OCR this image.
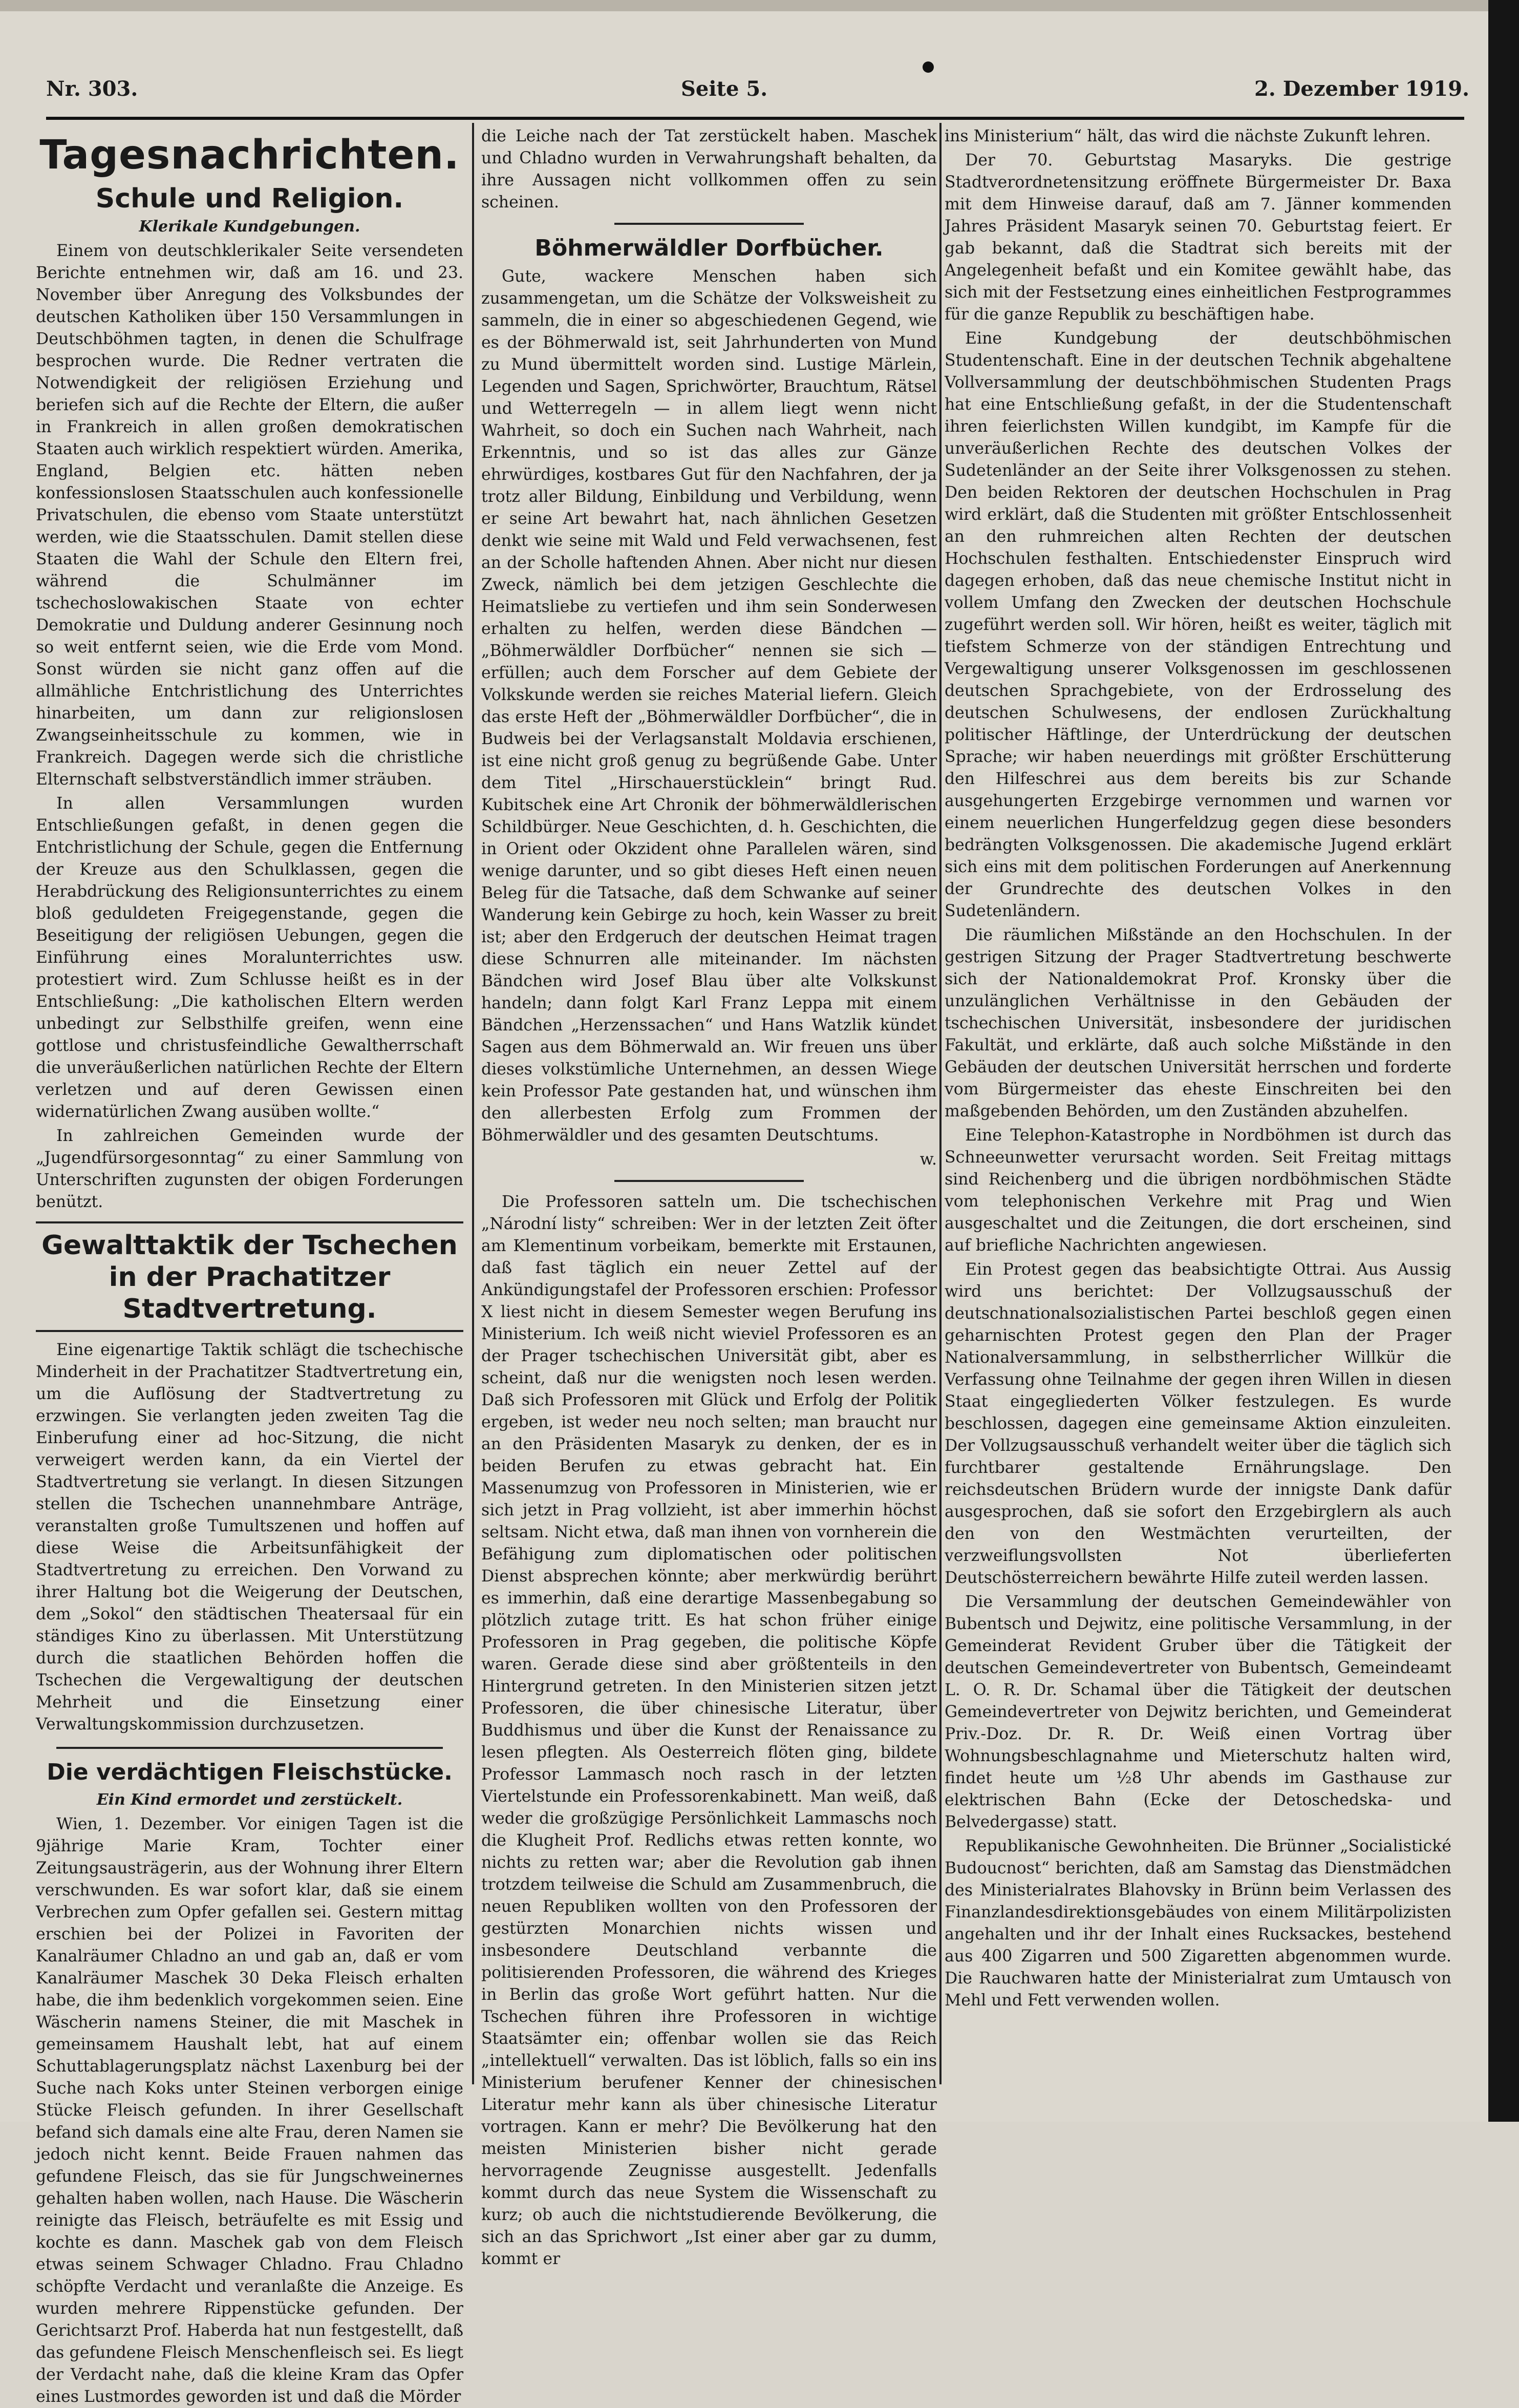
Nr. 303.	Seite 5.	2. Dezember 1919.
Tagesnachrichten.
Schule und Religion.
Klerikale Kundgebungen.

Einem von deutschklerikaler Seite versendeten Berichte entnehmen wir, daß am 16. und 23. November über Anregung des Volksbundes der deutschen Katholiken über 150 Versammlungen in Deutschböhmen tagten, in denen die Schulfrage besprochen wurde. Die Redner vertraten die Notwendigkeit der religiösen Erziehung und beriefen sich auf die Rechte der Eltern, die außer in Frankreich in allen großen demokratischen Staaten auch wirklich respektiert würden. Amerika, England, Belgien etc. hätten neben konfessionslosen Staatsschulen auch konfessionelle Privatschulen, die ebenso vom Staate unterstützt werden, wie die Staatsschulen. Damit stellen diese Staaten die Wahl der Schule den Eltern frei, während die Schulmänner im tschechoslowakischen Staate von echter Demokratie und Duldung anderer Gesinnung noch so weit entfernt seien, wie die Erde vom Mond. Sonst würden sie nicht ganz offen auf die allmähliche Entchristlichung des Unterrichtes hinarbeiten, um dann zur religionslosen Zwangseinheitsschule zu kommen, wie in Frankreich. Dagegen werde sich die christliche Elternschaft selbstverständlich immer sträuben.

In allen Versammlungen wurden Entschließungen gefaßt, in denen gegen die Entchristlichung der Schule, gegen die Entfernung der Kreuze aus den Schulklassen, gegen die Herabdrückung des Religionsunterrichtes zu einem bloß geduldeten Freigegenstande, gegen die Beseitigung der religiösen Uebungen, gegen die Einführung eines Moralunterrichtes usw. protestiert wird. Zum Schlusse heißt es in der Entschließung: „Die katholischen Eltern werden unbedingt zur Selbsthilfe greifen, wenn eine gottlose und christusfeindliche Gewaltherrschaft die unveräußerlichen natürlichen Rechte der Eltern verletzen und auf deren Gewissen einen widernatürlichen Zwang ausüben wollte.“

In zahlreichen Gemeinden wurde der „Jugendfürsorgesonntag“ zu einer Sammlung von Unterschriften zugunsten der obigen Forderungen benützt.

Gewalttaktik der Tschechen in der Prachatitzer Stadtvertretung.

Eine eigenartige Taktik schlägt die tschechische Minderheit in der Prachatitzer Stadtvertretung ein, um die Auflösung der Stadtvertretung zu erzwingen. Sie verlangten jeden zweiten Tag die Einberufung einer ad hoc-Sitzung, die nicht verweigert werden kann, da ein Viertel der Stadtvertretung sie verlangt. In diesen Sitzungen stellen die Tschechen unannehmbare Anträge, veranstalten große Tumultszenen und hoffen auf diese Weise die Arbeitsunfähigkeit der Stadtvertretung zu erreichen. Den Vorwand zu ihrer Haltung bot die Weigerung der Deutschen, dem „Sokol“ den städtischen Theatersaal für ein ständiges Kino zu überlassen. Mit Unterstützung durch die staatlichen Behörden hoffen die Tschechen die Vergewaltigung der deutschen Mehrheit und die Einsetzung einer Verwaltungskommission durchzusetzen.

Die verdächtigen Fleischstücke.
Ein Kind ermordet und zerstückelt.

Wien, 1. Dezember. Vor einigen Tagen ist die 9jährige Marie Kram, Tochter einer Zeitungsausträgerin, aus der Wohnung ihrer Eltern verschwunden. Es war sofort klar, daß sie einem Verbrechen zum Opfer gefallen sei. Gestern mittag erschien bei der Polizei in Favoriten der Kanalräumer Chladno an und gab an, daß er vom Kanalräumer Maschek 30 Deka Fleisch erhalten habe, die ihm bedenklich vorgekommen seien. Eine Wäscherin namens Steiner, die mit Maschek in gemeinsamem Haushalt lebt, hat auf einem Schuttablagerungsplatz nächst Laxenburg bei der Suche nach Koks unter Steinen verborgen einige Stücke Fleisch gefunden. In ihrer Gesellschaft befand sich damals eine alte Frau, deren Namen sie jedoch nicht kennt. Beide Frauen nahmen das gefundene Fleisch, das sie für Jungschweinernes gehalten haben wollen, nach Hause. Die Wäscherin reinigte das Fleisch, beträufelte es mit Essig und kochte es dann. Maschek gab von dem Fleisch etwas seinem Schwager Chladno. Frau Chladno schöpfte Verdacht und veranlaßte die Anzeige. Es wurden mehrere Rippenstücke gefunden. Der Gerichtsarzt Prof. Haberda hat nun festgestellt, daß das gefundene Fleisch Menschenfleisch sei. Es liegt der Verdacht nahe, daß die kleine Kram das Opfer eines Lustmordes geworden ist und daß die Mörder

die Leiche nach der Tat zerstückelt haben. Maschek und Chladno wurden in Verwahrungshaft behalten, da ihre Aussagen nicht vollkommen offen zu sein scheinen.

Böhmerwäldler Dorfbücher.

Gute, wackere Menschen haben sich zusammengetan, um die Schätze der Volksweisheit zu sammeln, die in einer so abgeschiedenen Gegend, wie es der Böhmerwald ist, seit Jahrhunderten von Mund zu Mund übermittelt worden sind. Lustige Märlein, Legenden und Sagen, Sprichwörter, Brauchtum, Rätsel und Wetterregeln — in allem liegt wenn nicht Wahrheit, so doch ein Suchen nach Wahrheit, nach Erkenntnis, und so ist das alles zur Gänze ehrwürdiges, kostbares Gut für den Nachfahren, der ja trotz aller Bildung, Einbildung und Verbildung, wenn er seine Art bewahrt hat, nach ähnlichen Gesetzen denkt wie seine mit Wald und Feld verwachsenen, fest an der Scholle haftenden Ahnen. Aber nicht nur diesen Zweck, nämlich bei dem jetzigen Geschlechte die Heimatsliebe zu vertiefen und ihm sein Sonderwesen erhalten zu helfen, werden diese Bändchen — „Böhmerwäldler Dorfbücher“ nennen sie sich — erfüllen; auch dem Forscher auf dem Gebiete der Volkskunde werden sie reiches Material liefern. Gleich das erste Heft der „Böhmerwäldler Dorfbücher“, die in Budweis bei der Verlagsanstalt Moldavia erschienen, ist eine nicht groß genug zu begrüßende Gabe. Unter dem Titel „Hirschauerstücklein“ bringt Rud. Kubitschek eine Art Chronik der böhmerwäldlerischen Schildbürger. Neue Geschichten, d. h. Geschichten, die in Orient oder Okzident ohne Parallelen wären, sind wenige darunter, und so gibt dieses Heft einen neuen Beleg für die Tatsache, daß dem Schwanke auf seiner Wanderung kein Gebirge zu hoch, kein Wasser zu breit ist; aber den Erdgeruch der deutschen Heimat tragen diese Schnurren alle miteinander. Im nächsten Bändchen wird Josef Blau über alte Volkskunst handeln; dann folgt Karl Franz Leppa mit einem Bändchen „Herzenssachen“ und Hans Watzlik kündet Sagen aus dem Böhmerwald an. Wir freuen uns über dieses volkstümliche Unternehmen, an dessen Wiege kein Professor Pate gestanden hat, und wünschen ihm den allerbesten Erfolg zum Frommen der Böhmerwäldler und des gesamten Deutschtums.

w.

Die Professoren satteln um. Die tschechischen „Národní listy“ schreiben: Wer in der letzten Zeit öfter am Klementinum vorbeikam, bemerkte mit Erstaunen, daß fast täglich ein neuer Zettel auf der Ankündigungstafel der Professoren erschien: Professor X liest nicht in diesem Semester wegen Berufung ins Ministerium. Ich weiß nicht wieviel Professoren es an der Prager tschechischen Universität gibt, aber es scheint, daß nur die wenigsten noch lesen werden. Daß sich Professoren mit Glück und Erfolg der Politik ergeben, ist weder neu noch selten; man braucht nur an den Präsidenten Masaryk zu denken, der es in beiden Berufen zu etwas gebracht hat. Ein Massenumzug von Professoren in Ministerien, wie er sich jetzt in Prag vollzieht, ist aber immerhin höchst seltsam. Nicht etwa, daß man ihnen von vornherein die Befähigung zum diplomatischen oder politischen Dienst absprechen könnte; aber merkwürdig berührt es immerhin, daß eine derartige Massenbegabung so plötzlich zutage tritt. Es hat schon früher einige Professoren in Prag gegeben, die politische Köpfe waren. Gerade diese sind aber größtenteils in den Hintergrund getreten. In den Ministerien sitzen jetzt Professoren, die über chinesische Literatur, über Buddhismus und über die Kunst der Renaissance zu lesen pflegten. Als Oesterreich flöten ging, bildete Professor Lammasch noch rasch in der letzten Viertelstunde ein Professorenkabinett. Man weiß, daß weder die großzügige Persönlichkeit Lammaschs noch die Klugheit Prof. Redlichs etwas retten konnte, wo nichts zu retten war; aber die Revolution gab ihnen trotzdem teilweise die Schuld am Zusammenbruch, die neuen Republiken wollten von den Professoren der gestürzten Monarchien nichts wissen und insbesondere Deutschland verbannte die politisierenden Professoren, die während des Krieges in Berlin das große Wort geführt hatten. Nur die Tschechen führen ihre Professoren in wichtige Staatsämter ein; offenbar wollen sie das Reich „intellektuell“ verwalten. Das ist löblich, falls so ein ins Ministerium berufener Kenner der chinesischen Literatur mehr kann als über chinesische Literatur vortragen. Kann er mehr? Die Bevölkerung hat den meisten Ministerien bisher nicht gerade hervorragende Zeugnisse ausgestellt. Jedenfalls kommt durch das neue System die Wissenschaft zu kurz; ob auch die nichtstudierende Bevölkerung, die sich an das Sprichwort „Ist einer aber gar zu dumm, kommt er

ins Ministerium“ hält, das wird die nächste Zukunft lehren.

Der 70. Geburtstag Masaryks. Die gestrige Stadtverordnetensitzung eröffnete Bürgermeister Dr. Baxa mit dem Hinweise darauf, daß am 7. Jänner kommenden Jahres Präsident Masaryk seinen 70. Geburtstag feiert. Er gab bekannt, daß die Stadtrat sich bereits mit der Angelegenheit befaßt und ein Komitee gewählt habe, das sich mit der Festsetzung eines einheitlichen Festprogrammes für die ganze Republik zu beschäftigen habe.

Eine Kundgebung der deutschböhmischen Studentenschaft. Eine in der deutschen Technik abgehaltene Vollversammlung der deutschböhmischen Studenten Prags hat eine Entschließung gefaßt, in der die Studentenschaft ihren feierlichsten Willen kundgibt, im Kampfe für die unveräußerlichen Rechte des deutschen Volkes der Sudetenländer an der Seite ihrer Volksgenossen zu stehen. Den beiden Rektoren der deutschen Hochschulen in Prag wird erklärt, daß die Studenten mit größter Entschlossenheit an den ruhmreichen alten Rechten der deutschen Hochschulen festhalten. Entschiedenster Einspruch wird dagegen erhoben, daß das neue chemische Institut nicht in vollem Umfang den Zwecken der deutschen Hochschule zugeführt werden soll. Wir hören, heißt es weiter, täglich mit tiefstem Schmerze von der ständigen Entrechtung und Vergewaltigung unserer Volksgenossen im geschlossenen deutschen Sprachgebiete, von der Erdrosselung des deutschen Schulwesens, der endlosen Zurückhaltung politischer Häftlinge, der Unterdrückung der deutschen Sprache; wir haben neuerdings mit größter Erschütterung den Hilfeschrei aus dem bereits bis zur Schande ausgehungerten Erzgebirge vernommen und warnen vor einem neuerlichen Hungerfeldzug gegen diese besonders bedrängten Volksgenossen. Die akademische Jugend erklärt sich eins mit dem politischen Forderungen auf Anerkennung der Grundrechte des deutschen Volkes in den Sudetenländern.

Die räumlichen Mißstände an den Hochschulen. In der gestrigen Sitzung der Prager Stadtvertretung beschwerte sich der Nationaldemokrat Prof. Kronsky über die unzulänglichen Verhältnisse in den Gebäuden der tschechischen Universität, insbesondere der juridischen Fakultät, und erklärte, daß auch solche Mißstände in den Gebäuden der deutschen Universität herrschen und forderte vom Bürgermeister das eheste Einschreiten bei den maßgebenden Behörden, um den Zuständen abzuhelfen.

Eine Telephon-Katastrophe in Nordböhmen ist durch das Schneeunwetter verursacht worden. Seit Freitag mittags sind Reichenberg und die übrigen nordböhmischen Städte vom telephonischen Verkehre mit Prag und Wien ausgeschaltet und die Zeitungen, die dort erscheinen, sind auf briefliche Nachrichten angewiesen.

Ein Protest gegen das beabsichtigte Ottrai. Aus Aussig wird uns berichtet: Der Vollzugsausschuß der deutschnationalsozialistischen Partei beschloß gegen einen geharnischten Protest gegen den Plan der Prager Nationalversammlung, in selbstherrlicher Willkür die Verfassung ohne Teilnahme der gegen ihren Willen in diesen Staat eingegliederten Völker festzulegen. Es wurde beschlossen, dagegen eine gemeinsame Aktion einzuleiten. Der Vollzugsausschuß verhandelt weiter über die täglich sich furchtbarer gestaltende Ernährungslage. Den reichsdeutschen Brüdern wurde der innigste Dank dafür ausgesprochen, daß sie sofort den Erzgebirglern als auch den von den Westmächten verurteilten, der verzweiflungsvollsten Not überlieferten Deutschösterreichern bewährte Hilfe zuteil werden lassen.

Die Versammlung der deutschen Gemeindewähler von Bubentsch und Dejwitz, eine politische Versammlung, in der Gemeinderat Revident Gruber über die Tätigkeit der deutschen Gemeindevertreter von Bubentsch, Gemeindeamt L. O. R. Dr. Schamal über die Tätigkeit der deutschen Gemeindevertreter von Dejwitz berichten, und Gemeinderat Priv.-Doz. Dr. R. Dr. Weiß einen Vortrag über Wohnungsbeschlagnahme und Mieterschutz halten wird, findet heute um ½8 Uhr abends im Gasthause zur elektrischen Bahn (Ecke der Detoschedska- und Belvedergasse) statt.

Republikanische Gewohnheiten. Die Brünner „Socialistické Budoucnost“ berichten, daß am Samstag das Dienstmädchen des Ministerialrates Blahovsky in Brünn beim Verlassen des Finanzlandesdirektionsgebäudes von einem Militärpolizisten angehalten und ihr der Inhalt eines Rucksackes, bestehend aus 400 Zigarren und 500 Zigaretten abgenommen wurde. Die Rauchwaren hatte der Ministerialrat zum Umtausch von Mehl und Fett verwenden wollen.
